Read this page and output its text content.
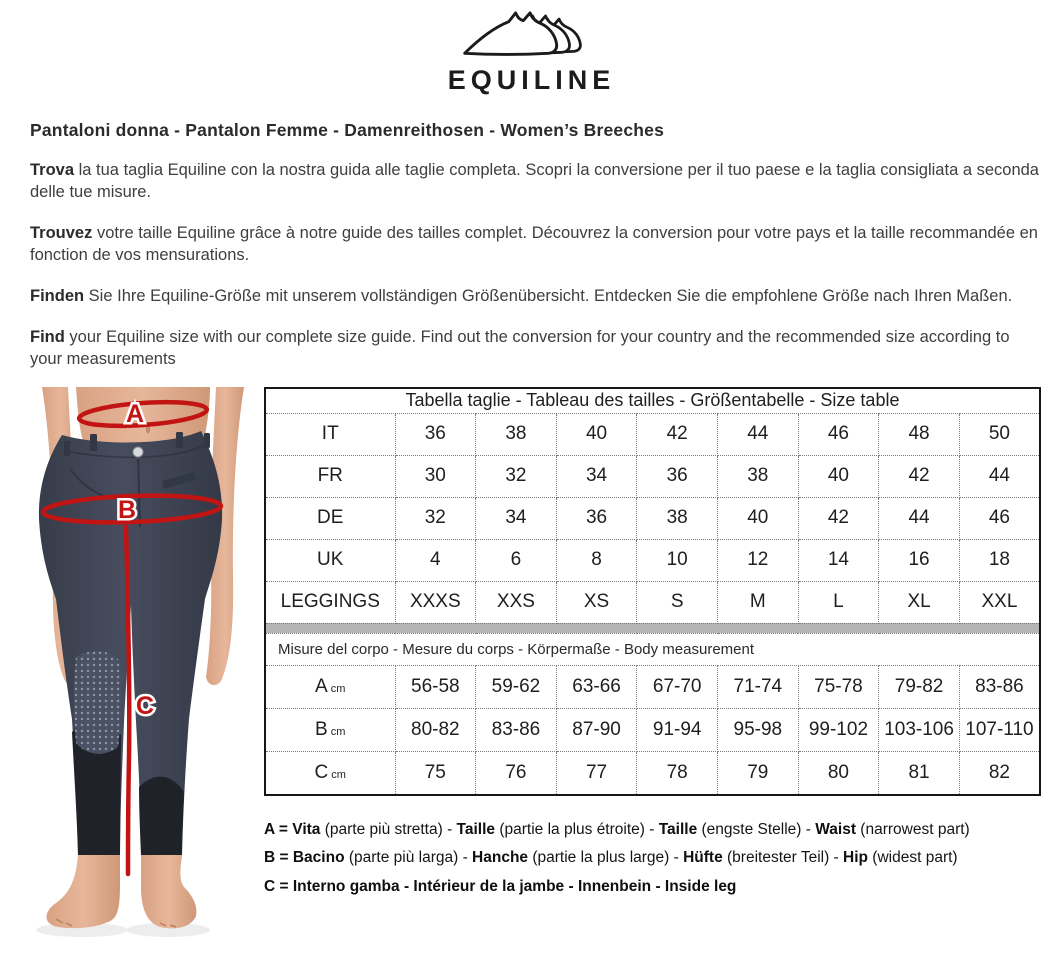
EQUILINE
Pantaloni donna - Pantalon Femme - Damenreithosen - Women’s Breeches

Trova la tua taglia Equiline con la nostra guida alle taglie completa. Scopri la conversione per il tuo paese e la taglia consigliata a seconda delle tue misure.

Trouvez votre taille Equiline grâce à notre guide des tailles complet. Découvrez la conversion pour votre pays et la taille recommandée en fonction de vos mensurations.

Finden Sie Ihre Equiline-Größe mit unserem vollständigen Größenübersicht. Entdecken Sie die empfohlene Größe nach Ihren Maßen.

Find your Equiline size with our complete size guide. Find out the conversion for your country and the recommended size according to your measurements

A
B
C
Tabella taglie - Tableau des tailles - Größentabelle - Size table								
IT	36	38	40	42	44	46	48	50
FR	30	32	34	36	38	40	42	44
DE	32	34	36	38	40	42	44	46
UK	4	6	8	10	12	14	16	18
LEGGINGS	XXXS	XXS	XS	S	M	L	XL	XXL

Misure del corpo - Mesure du corps - Körpermaße - Body measurement								
A cm	56-58	59-62	63-66	67-70	71-74	75-78	79-82	83-86
B cm	80-82	83-86	87-90	91-94	95-98	99-102	103-106	107-110
C cm	75	76	77	78	79	80	81	82

A = Vita (parte più stretta) - Taille (partie la plus étroite) - Taille (engste Stelle) - Waist (narrowest part)

B = Bacino (parte più larga) - Hanche (partie la plus large) - Hüfte (breitester Teil) - Hip (widest part)

C = Interno gamba - Intérieur de la jambe - Innenbein - Inside leg
